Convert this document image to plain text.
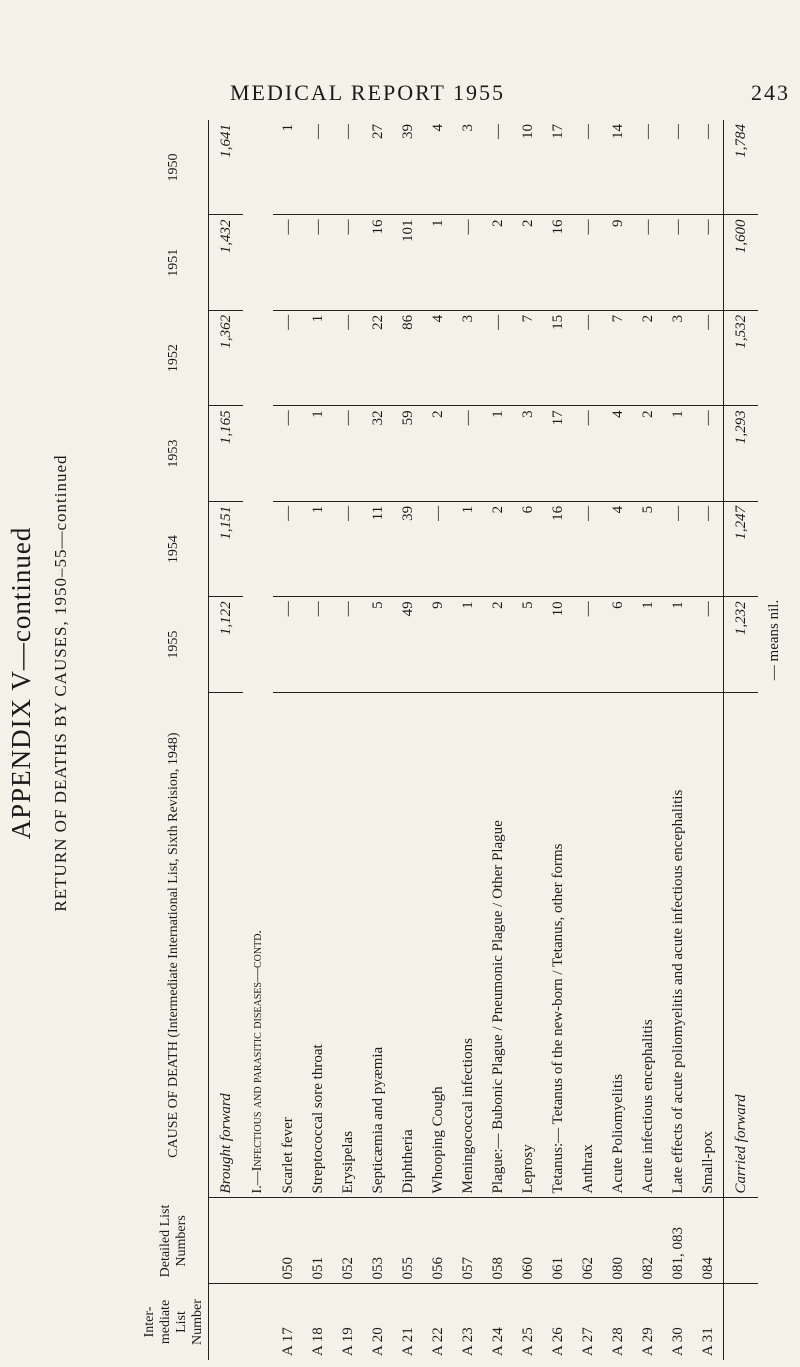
APPENDIX V—continued RETURN OF DEATHS BY CAUSES, 1950–55—continued
MEDICAL REPORT 1955	243
Inter-mediate List Number	Detailed List Numbers	CAUSE OF DEATH (Intermediate International List, Sixth Revision, 1948)	1955	1954	1953	1952	1951	1950
		Brought forward	1,122	1,151	1,165	1,362	1,432	1,641
		I.—Infectious and parasitic diseases—contd.						
A 17	050	Scarlet fever	—	—	—	—	—	1
A 18	051	Streptococcal sore throat	—	1	1	1	—	—
A 19	052	Erysipelas	—	—	—	—	—	—
A 20	053	Septicæmia and pyæmia	5	11	32	22	16	27
A 21	055	Diphtheria	49	39	59	86	101	39
A 22	056	Whooping Cough	9	—	2	4	1	4
A 23	057	Meningococcal infections	1	1	—	3	—	3
A 24	058	Plague:— Bubonic Plague / Pneumonic Plague / Other Plague	2	2	1	—	2	—
A 25	060	Leprosy	5	6	3	7	2	10
A 26	061	Tetanus:— Tetanus of the new-born / Tetanus, other forms	10	16	17	15	16	17
A 27	062	Anthrax	—	—	—	—	—	—
A 28	080	Acute Poliomyelitis	6	4	4	7	9	14
A 29	082	Acute infectious encephalitis	1	5	2	2	—	—
A 30	081, 083	Late effects of acute poliomyelitis and acute infectious encephalitis	1	—	1	3	—	—
A 31	084	Small-pox	—	—	—	—	—	—
		Carried forward	1,232	1,247	1,293	1,532	1,600	1,784
— means nil.
